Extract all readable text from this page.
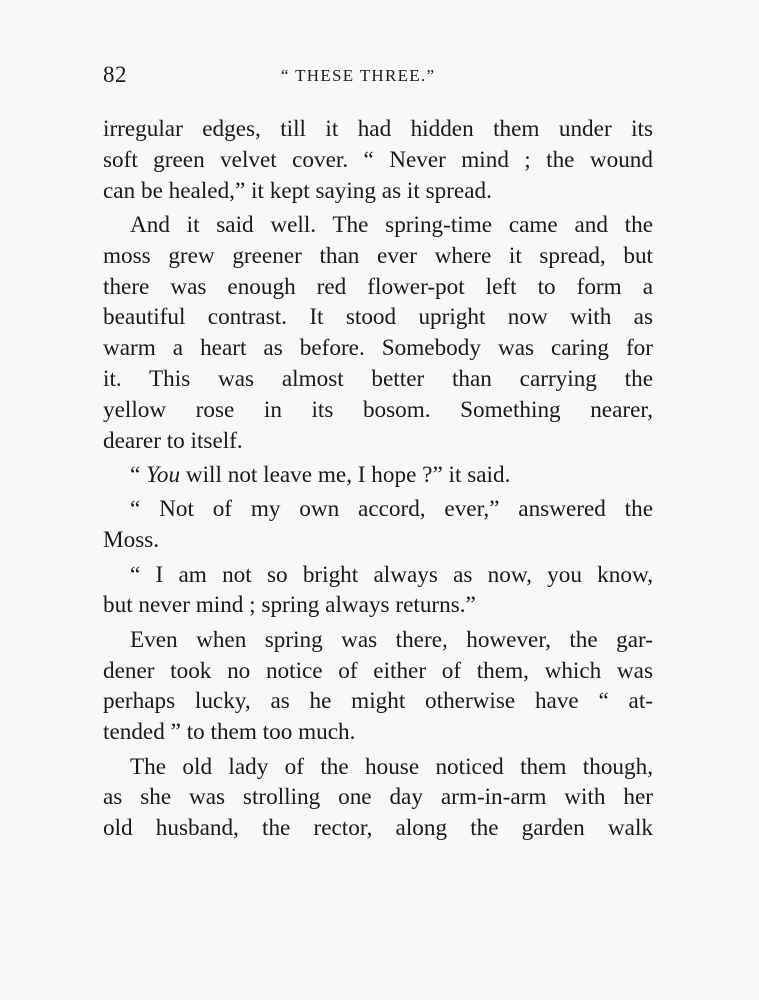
82	“ THESE THREE.”
irregular edges, till it had hidden them under its
soft green velvet cover. “ Never mind ; the wound
can be healed,” it kept saying as it spread.
And it said well. The spring-time came and the
moss grew greener than ever where it spread, but
there was enough red flower-pot left to form a
beautiful contrast. It stood upright now with as
warm a heart as before. Somebody was caring for
it. This was almost better than carrying the
yellow rose in its bosom. Something nearer,
dearer to itself.
“ You will not leave me, I hope ?” it said.
“ Not of my own accord, ever,” answered the
Moss.
“ I am not so bright always as now, you know,
but never mind ; spring always returns.”
Even when spring was there, however, the gar-
dener took no notice of either of them, which was
perhaps lucky, as he might otherwise have “ at-
tended ” to them too much.
The old lady of the house noticed them though,
as she was strolling one day arm-in-arm with her
old husband, the rector, along the garden walk
